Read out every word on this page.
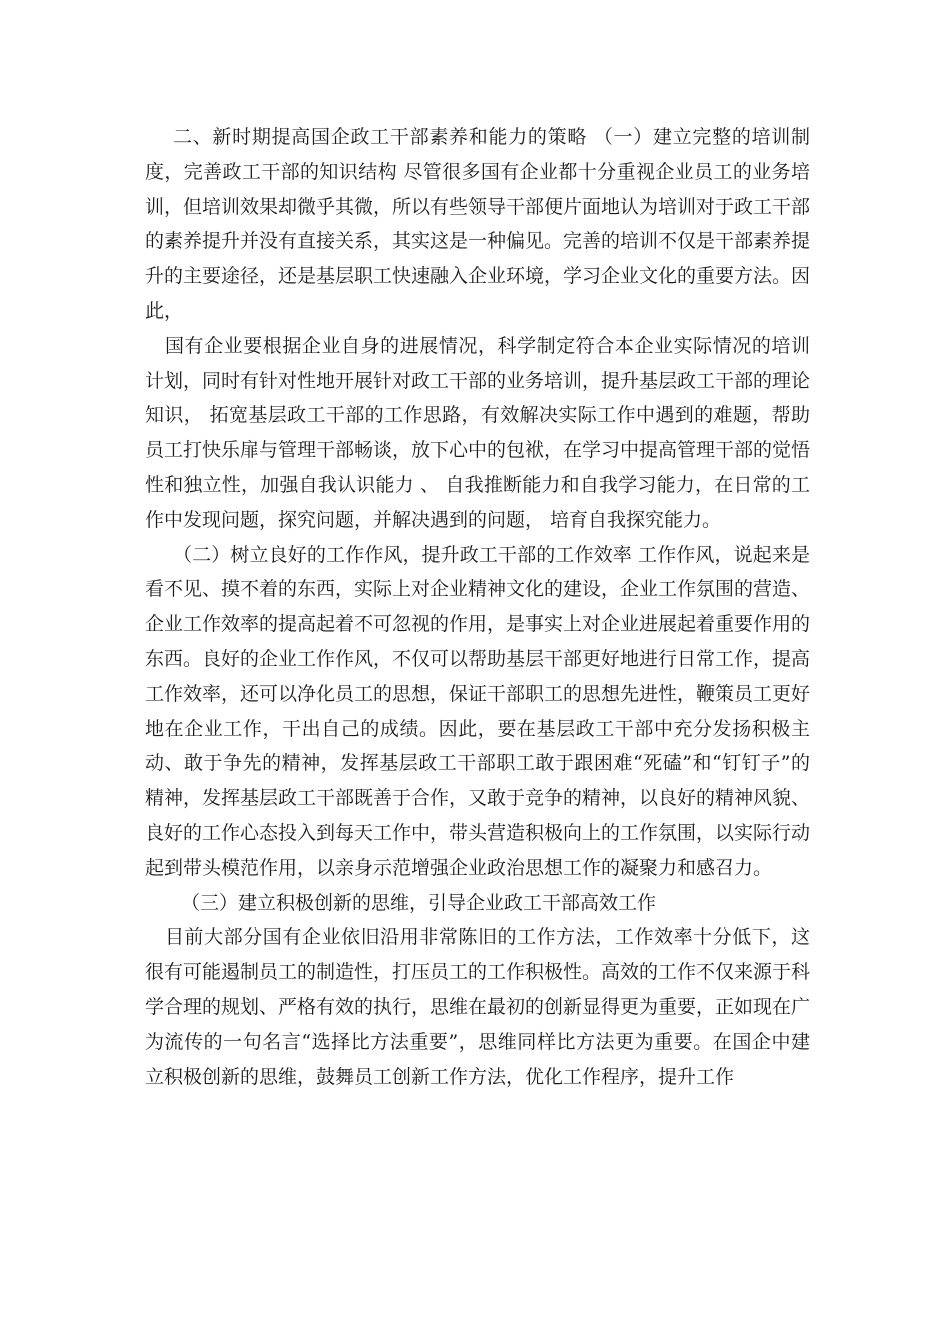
二、新时期提高国企政工干部素养和能力的策略 （一）建立完整的培训制度，完善政工干部的知识结构 尽管很多国有企业都十分重视企业员工的业务培训，但培训效果却微乎其微，所以有些领导干部便片面地认为培训对于政工干部的素养提升并没有直接关系，其实这是一种偏见。完善的培训不仅是干部素养提升的主要途径，还是基层职工快速融入企业环境，学习企业文化的重要方法。因此，

国有企业要根据企业自身的进展情况，科学制定符合本企业实际情况的培训计划，同时有针对性地开展针对政工干部的业务培训，提升基层政工干部的理论知识， 拓宽基层政工干部的工作思路，有效解决实际工作中遇到的难题，帮助员工打快乐扉与管理干部畅谈，放下心中的包袱，在学习中提高管理干部的觉悟性和独立性，加强自我认识能力 、 自我推断能力和自我学习能力，在日常的工作中发现问题，探究问题，并解决遇到的问题， 培育自我探究能力。

（二）树立良好的工作作风，提升政工干部的工作效率 工作作风，说起来是看不见、摸不着的东西，实际上对企业精神文化的建设，企业工作氛围的营造、企业工作效率的提高起着不可忽视的作用，是事实上对企业进展起着重要作用的东西。良好的企业工作作风，不仅可以帮助基层干部更好地进行日常工作，提高工作效率，还可以净化员工的思想，保证干部职工的思想先进性，鞭策员工更好地在企业工作，干出自己的成绩。因此，要在基层政工干部中充分发扬积极主动、敢于争先的精神，发挥基层政工干部职工敢于跟困难“死磕”和“钉钉子”的精神，发挥基层政工干部既善于合作，又敢于竞争的精神，以良好的精神风貌、良好的工作心态投入到每天工作中，带头营造积极向上的工作氛围，以实际行动起到带头模范作用，以亲身示范增强企业政治思想工作的凝聚力和感召力。

（三）建立积极创新的思维，引导企业政工干部高效工作

目前大部分国有企业依旧沿用非常陈旧的工作方法，工作效率十分低下，这很有可能遏制员工的制造性，打压员工的工作积极性。高效的工作不仅来源于科学合理的规划、严格有效的执行，思维在最初的创新显得更为重要，正如现在广为流传的一句名言“选择比方法重要”，思维同样比方法更为重要。在国企中建立积极创新的思维，鼓舞员工创新工作方法，优化工作程序，提升工作
